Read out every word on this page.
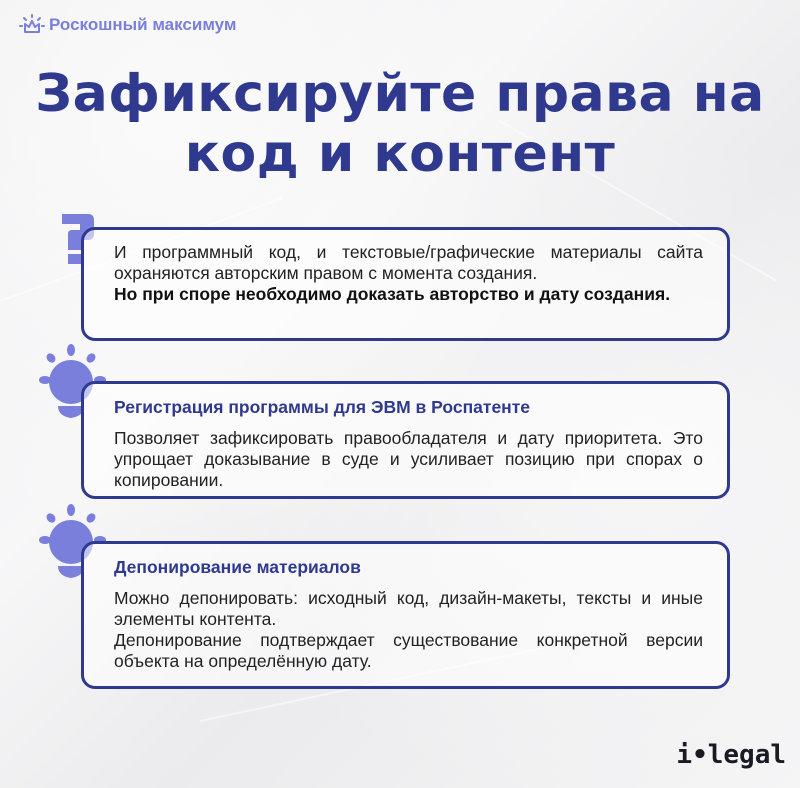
Роскошный максимум
Зафиксируйте права на
код и контент
И программный код, и текстовые/графические материалы сайта охраняются авторским правом с момента создания.
Но при споре необходимо доказать авторство и дату создания.
Регистрация программы для ЭВМ в Роспатенте
Позволяет зафиксировать правообладателя и дату приоритета. Это упрощает доказывание в суде и усиливает позицию при спорах о копировании.
Депонирование материалов
Можно депонировать: исходный код, дизайн-макеты, тексты и иные элементы контента.
Депонирование подтверждает существование конкретной версии объекта на определённую дату.
i•legal
